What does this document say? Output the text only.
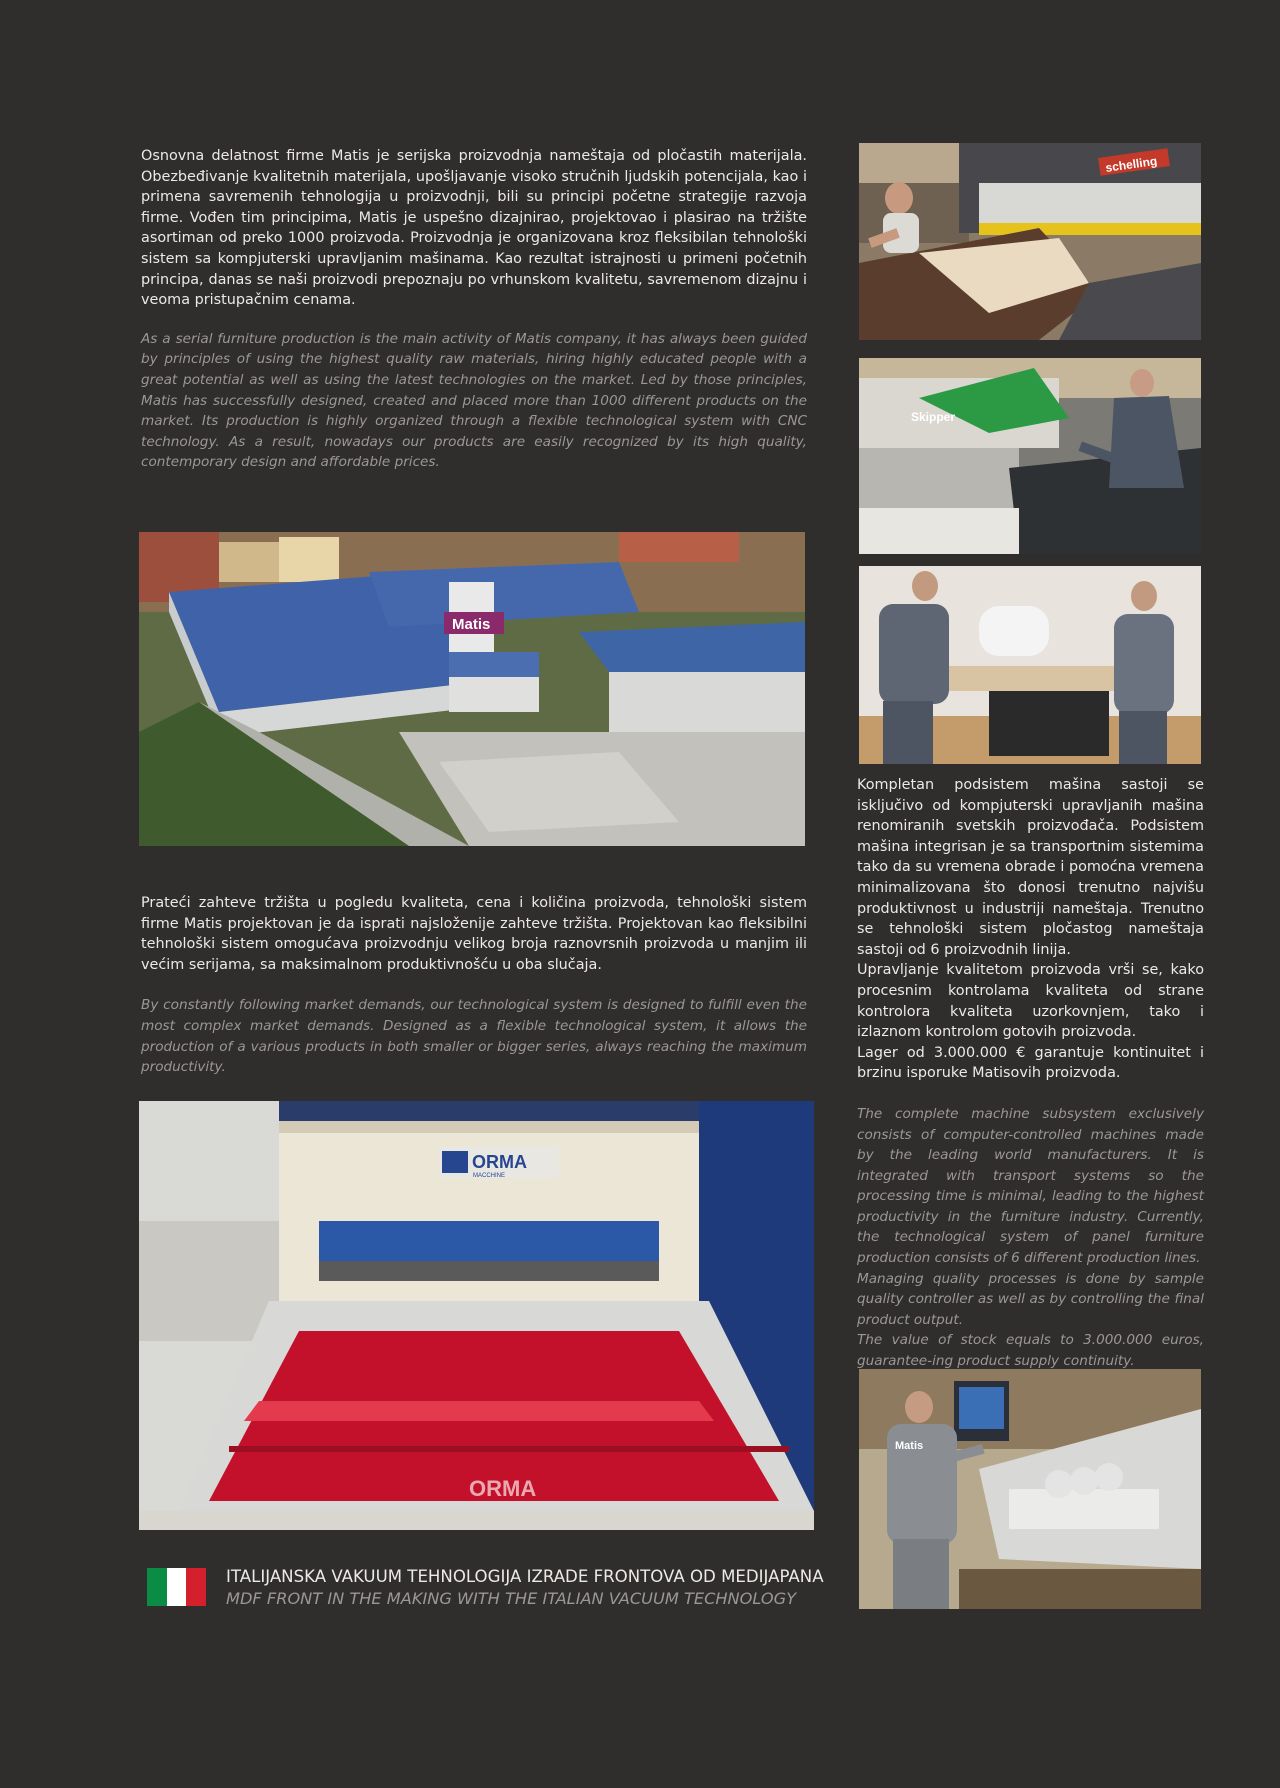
Osnovna delatnost firme Matis je serijska proizvodnja nameštaja od pločastih materijala. Obezbeđivanje kvalitetnih materijala, upošljavanje visoko stručnih ljudskih potencijala, kao i primena savremenih tehnologija u proizvodnji, bili su principi početne strategije razvoja firme. Vođen tim principima, Matis je uspešno dizajnirao, projektovao i plasirao na tržište asortiman od preko 1000 proizvoda. Proizvodnja je organizovana kroz fleksibilan tehnološki sistem sa kompjuterski upravljanim mašinama. Kao rezultat istrajnosti u primeni početnih principa, danas se naši proizvodi prepoznaju po vrhunskom kvalitetu, savremenom dizajnu i veoma pristupačnim cenama.

As a serial furniture production is the main activity of Matis company, it has always been guided by principles of using the highest quality raw materials, hiring highly educated people with a great potential as well as using the latest technologies on the market. Led by those principles, Matis has successfully designed, created and placed more than 1000 different products on the market. Its production is highly organized through a flexible technological system with CNC technology. As a result, nowadays our products are easily recognized by its high quality, contemporary design and affordable prices.

schelling
Skipper
Matis

Prateći zahteve tržišta u pogledu kvaliteta, cena i količina proizvoda, tehnološki sistem firme Matis projektovan je da isprati najsloženije zahteve tržišta. Projektovan kao fleksibilni tehnološki sistem omogućava proizvodnju velikog broja raznovrsnih proizvoda u manjim ili većim serijama, sa maksimalnom produktivnošću u oba slučaja.

By constantly following market demands, our technological system is designed to fulfill even the most complex market demands. Designed as a flexible technological system, it allows the production of a various products in both smaller or bigger series, always reaching the maximum productivity.

Kompletan podsistem mašina sastoji se isključivo od kompjuterski upravljanih mašina renomiranih svetskih proizvođača. Podsistem mašina integrisan je sa transportnim sistemima tako da su vremena obrade i pomoćna vremena minimalizovana što donosi trenutno najvišu produktivnost u industriji nameštaja. Trenutno se tehnološki sistem pločastog nameštaja sastoji od 6 proizvodnih linija.

Upravljanje kvalitetom proizvoda vrši se, kako procesnim kontrolama kvaliteta od strane kontrolora kvaliteta uzorkovnjem, tako i izlaznom kontrolom gotovih proizvoda.

Lager od 3.000.000 € garantuje kontinuitet i brzinu isporuke Matisovih proizvoda.

The complete machine subsystem exclusively consists of computer-controlled machines made by the leading world manufacturers. It is integrated with transport systems so the processing time is minimal, leading to the highest productivity in the furniture industry. Currently, the technological system of panel furniture production consists of 6 different production lines.

Managing quality processes is done by sample quality controller as well as by controlling the final product output.

The value of stock equals to 3.000.000 euros, guarantee-ing product supply continuity.

ORMA
MACCHINE
ORMA
Matis

ITALIJANSKA VAKUUM TEHNOLOGIJA IZRADE FRONTOVA OD MEDIJAPANA

MDF FRONT IN THE MAKING WITH THE ITALIAN VACUUM TECHNOLOGY
